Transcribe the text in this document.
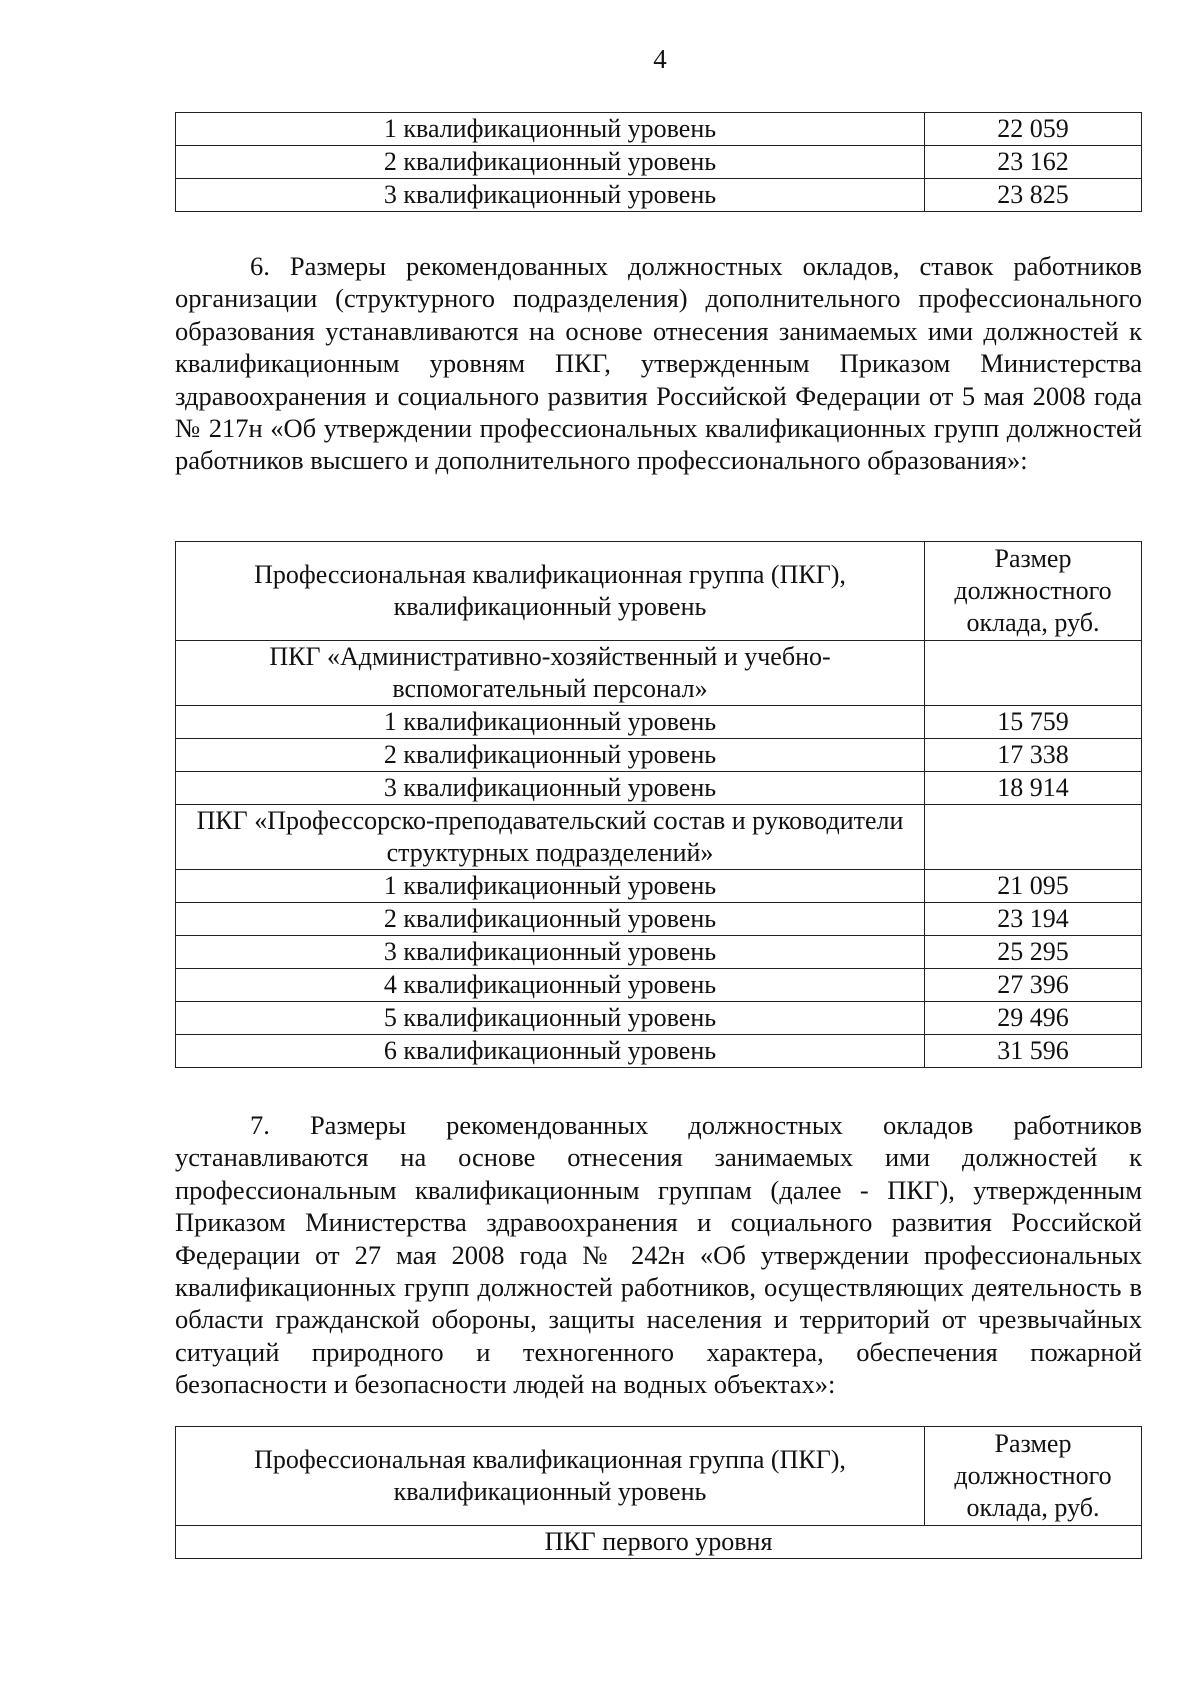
4
1 квалификационный уровень	22 059
2 квалификационный уровень	23 162
3 квалификационный уровень	23 825

6. Размеры рекомендованных должностных окладов, ставок работников организации (структурного подразделения) дополнительного профессионального образования устанавливаются на основе отнесения занимаемых ими должностей к квалификационным уровням ПКГ, утвержденным Приказом Министерства здравоохранения и социального развития Российской Федерации от 5 мая 2008 года № 217н «Об утверждении профессиональных квалификационных групп должностей работников высшего и дополнительного профессионального образования»:

Профессиональная квалификационная группа (ПКГ), квалификационный уровень	Размер должностного оклада, руб.
ПКГ «Административно-хозяйственный и учебно-вспомогательный персонал»	
1 квалификационный уровень	15 759
2 квалификационный уровень	17 338
3 квалификационный уровень	18 914
ПКГ «Профессорско-преподавательский состав и руководители структурных подразделений»	
1 квалификационный уровень	21 095
2 квалификационный уровень	23 194
3 квалификационный уровень	25 295
4 квалификационный уровень	27 396
5 квалификационный уровень	29 496
6 квалификационный уровень	31 596

7. Размеры рекомендованных должностных окладов работников устанавливаются на основе отнесения занимаемых ими должностей к профессиональным квалификационным группам (далее - ПКГ), утвержденным Приказом Министерства здравоохранения и социального развития Российской Федерации от 27 мая 2008 года № 242н «Об утверждении профессиональных квалификационных групп должностей работников, осуществляющих деятельность в области гражданской обороны, защиты населения и территорий от чрезвычайных ситуаций природного и техногенного характера, обеспечения пожарной безопасности и безопасности людей на водных объектах»:

Профессиональная квалификационная группа (ПКГ), квалификационный уровень	Размер должностного оклада, руб.
ПКГ первого уровня
